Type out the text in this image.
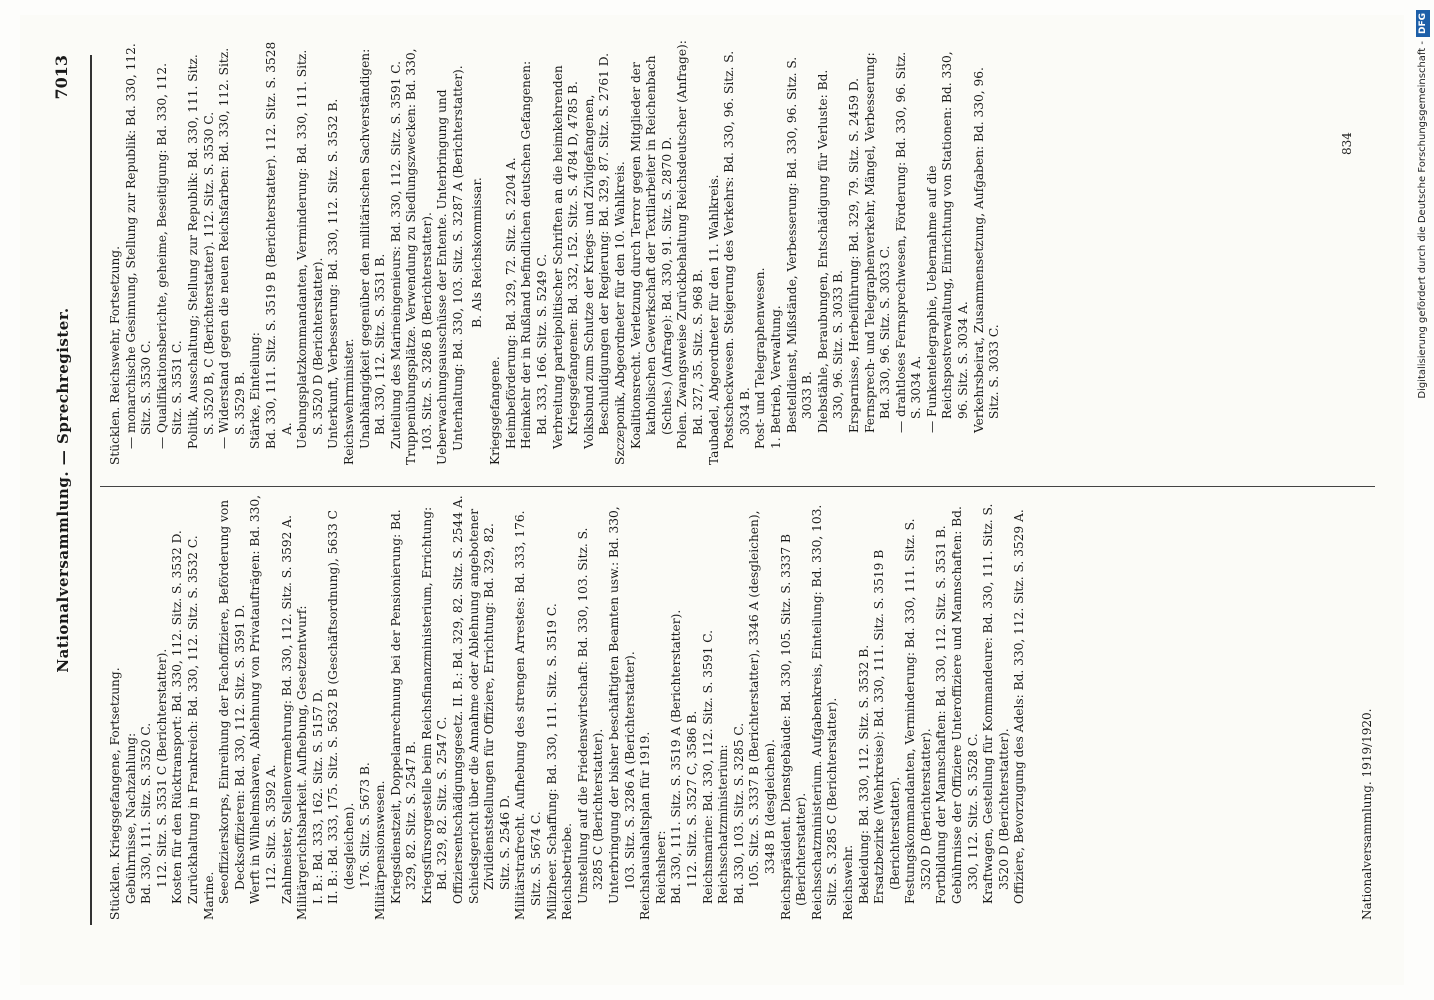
Nationalversammlung. — Sprechregister.
7013

Stücklen. Kriegsgefangene, Fortsetzung. Gebührnisse, Nachzahlung: Bd. 330, 111. Sitz. S. 3520 C. 112. Sitz. S. 3531 C (Berichterstatter). Kosten für den Rücktransport: Bd. 330, 112. Sitz. S. 3532 D. Zurückhaltung in Frankreich: Bd. 330, 112. Sitz. S. 3532 C. Marine. Seeoffizierskorps, Einreihung der Fachoffiziere, Beförderung von Decksoffizieren: Bd. 330, 112. Sitz. S. 3591 D. Werft in Wilhelmshaven, Ablehnung von Privataufträgen: Bd. 330, 112. Sitz. S. 3592 A. Zahlmeister, Stellenvermehrung: Bd. 330, 112. Sitz. S. 3592 A. Militärgerichtsbarkeit. Aufhebung, Gesetzentwurf: I. B.: Bd. 333, 162. Sitz. S. 5157 D. II. B.: Bd. 333, 175. Sitz. S. 5632 B (Geschäftsordnung), 5633 C (desgleichen). 176. Sitz. S. 5673 B. Militärpensionswesen. Kriegsdienstzeit, Doppelanrechnung bei der Pensionierung: Bd. 329, 82. Sitz. S. 2547 B. Kriegsfürsorgestelle beim Reichsfinanzministerium, Errichtung: Bd. 329, 82. Sitz. S. 2547 C. Offiziersentschädigungsgesetz. II. B.: Bd. 329, 82. Sitz. S. 2544 A. Schiedsgericht über die Annahme oder Ablehnung angebotener Zivildienststellungen für Offiziere, Errichtung: Bd. 329, 82. Sitz. S. 2546 D. Militärstrafrecht. Aufhebung des strengen Arrestes: Bd. 333, 176. Sitz. S. 5674 C. Milizheer. Schaffung: Bd. 330, 111. Sitz. S. 3519 C. Reichsbetriebe. Umstellung auf die Friedenswirtschaft: Bd. 330, 103. Sitz. S. 3285 C (Berichterstatter). Unterbringung der bisher beschäftigten Beamten usw.: Bd. 330, 103. Sitz. S. 3286 A (Berichterstatter). Reichshaushaltsplan für 1919. Reichsheer: Bd. 330, 111. Sitz. S. 3519 A (Berichterstatter). 112. Sitz. S. 3527 C, 3586 B. Reichsmarine: Bd. 330, 112. Sitz. S. 3591 C. Reichsschatzministerium: Bd. 330, 103. Sitz. S. 3285 C. 105. Sitz. S. 3337 B (Berichterstatter), 3346 A (desgleichen), 3348 B (desgleichen). Reichspräsident. Dienstgebäude: Bd. 330, 105. Sitz. S. 3337 B (Berichterstatter). Reichsschatzministerium. Aufgabenkreis, Einteilung: Bd. 330, 103. Sitz. S. 3285 C (Berichterstatter). Reichswehr. Bekleidung: Bd. 330, 112. Sitz. S. 3532 B. Ersatzbezirke (Wehrkreise): Bd. 330, 111. Sitz. S. 3519 B (Berichterstatter). Festungskommandanten, Verminderung: Bd. 330, 111. Sitz. S. 3520 D (Berichterstatter). Fortbildung der Mannschaften: Bd. 330, 112. Sitz. S. 3531 B. Gebührnisse der Offiziere Unteroffiziere und Mannschaften: Bd. 330, 112. Sitz. S. 3528 C. Kraftwagen, Gestellung für Kommandeure: Bd. 330, 111. Sitz. S. 3520 D (Berichterstatter). Offiziere, Bevorzugung des Adels: Bd. 330, 112. Sitz. S. 3529 A.

Stücklen. Reichswehr, Fortsetzung. — monarchische Gesinnung, Stellung zur Republik: Bd. 330, 112. Sitz. S. 3530 C. — Qualifikationsberichte, geheime, Beseitigung: Bd. 330, 112. Sitz. S. 3531 C. Politik, Ausschaltung; Stellung zur Republik: Bd. 330, 111. Sitz. S. 3520 B, C (Berichterstatter). 112. Sitz. S. 3530 C. — Widerstand gegen die neuen Reichsfarben: Bd. 330, 112. Sitz. S. 3529 B. Stärke, Einteilung: Bd. 330, 111. Sitz. S. 3519 B (Berichterstatter). 112. Sitz. S. 3528 A. Uebungsplatzkommandanten, Verminderung: Bd. 330, 111. Sitz. S. 3520 D (Berichterstatter). Unterkunft, Verbesserung: Bd. 330, 112. Sitz. S. 3532 B. Reichswehrminister. Unabhängigkeit gegenüber den militärischen Sachverständigen: Bd. 330, 112. Sitz. S. 3531 B. Zuteilung des Marineingenieurs: Bd. 330, 112. Sitz. S. 3591 C. Truppenübungsplätze. Verwendung zu Siedlungszwecken: Bd. 330, 103. Sitz. S. 3286 B (Berichterstatter). Ueberwachungsausschüsse der Entente. Unterbringung und Unterhaltung: Bd. 330, 103. Sitz. S. 3287 A (Berichterstatter). B. Als Reichskommissar.

Kriegsgefangene. Heimbeförderung: Bd. 329, 72. Sitz. S. 2204 A. Heimkehr der in Rußland befindlichen deutschen Gefangenen: Bd. 333, 166. Sitz. S. 5249 C. Verbreitung parteipolitischer Schriften an die heimkehrenden Kriegsgefangenen: Bd. 332, 152. Sitz. S. 4784 D, 4785 B. Volksbund zum Schutze der Kriegs- und Zivilgefangenen, Beschuldigungen der Regierung: Bd. 329, 87. Sitz. S. 2761 D. Szczeponik, Abgeordneter für den 10. Wahlkreis. Koalitionsrecht. Verletzung durch Terror gegen Mitglieder der katholischen Gewerkschaft der Textilarbeiter in Reichenbach (Schles.) (Anfrage): Bd. 330, 91. Sitz. S. 2870 D. Polen. Zwangsweise Zurückbehaltung Reichsdeutscher (Anfrage): Bd. 327, 35. Sitz. S. 968 B. Taubadel, Abgeordneter für den 11. Wahlkreis. Postscheckwesen. Steigerung des Verkehrs: Bd. 330, 96. Sitz. S. 3034 B. Post- und Telegraphenwesen. 1. Betrieb, Verwaltung. Bestelldienst, Mißstände, Verbesserung: Bd. 330, 96. Sitz. S. 3033 B. Diebstähle, Beraubungen, Entschädigung für Verluste: Bd. 330, 96. Sitz. S. 3033 B. Ersparnisse, Herbeiführung: Bd. 329, 79. Sitz. S. 2459 D. Fernsprech- und Telegraphenverkehr, Mängel, Verbesserung: Bd. 330, 96. Sitz. S. 3033 C. — drahtloses Fernsprechwesen, Förderung: Bd. 330, 96. Sitz. S. 3034 A. — Funkentelegraphie, Uebernahme auf die Reichspostverwaltung, Einrichtung von Stationen: Bd. 330, 96. Sitz. S. 3034 A. Verkehrsbeirat, Zusammensetzung, Aufgaben: Bd. 330, 96. Sitz. S. 3033 C.

Nationalversammlung. 1919/1920.
834	Digitalisierung gefördert durch die Deutsche Forschungsgemeinschaft -DFG
